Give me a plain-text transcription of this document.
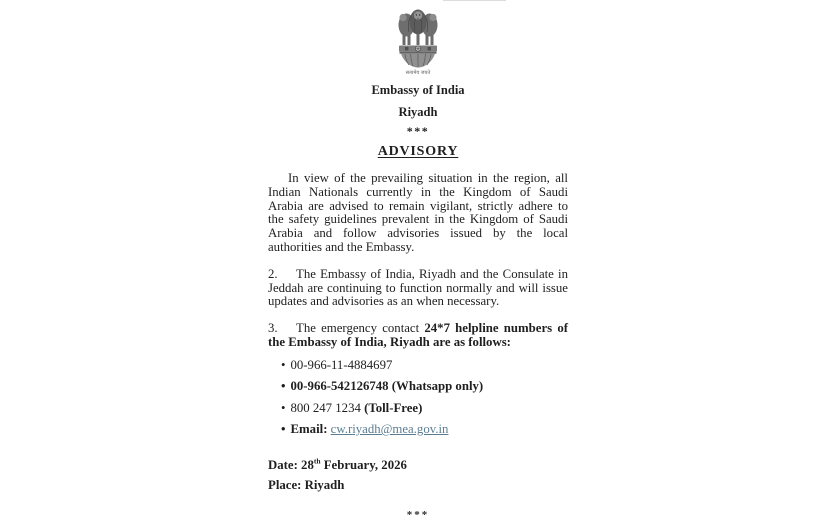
सत्यमेव जयते
Embassy of India
Riyadh
***
ADVISORY

In view of the prevailing situation in the region, all Indian Nationals currently in the Kingdom of Saudi Arabia are advised to remain vigilant, strictly adhere to the safety guidelines prevalent in the Kingdom of Saudi Arabia and follow advisories issued by the local authorities and the Embassy.

2. The Embassy of India, Riyadh and the Consulate in Jeddah are continuing to function normally and will issue updates and advisories as an when necessary.

3. The emergency contact 24*7 helpline numbers of the Embassy of India, Riyadh are as follows:

• 00-966-11-4884697
• 00-966-542126748 (Whatsapp only)
• 800 247 1234 (Toll-Free)
• Email: cw.riyadh@mea.gov.in
Date: 28th February, 2026
Place: Riyadh
***
